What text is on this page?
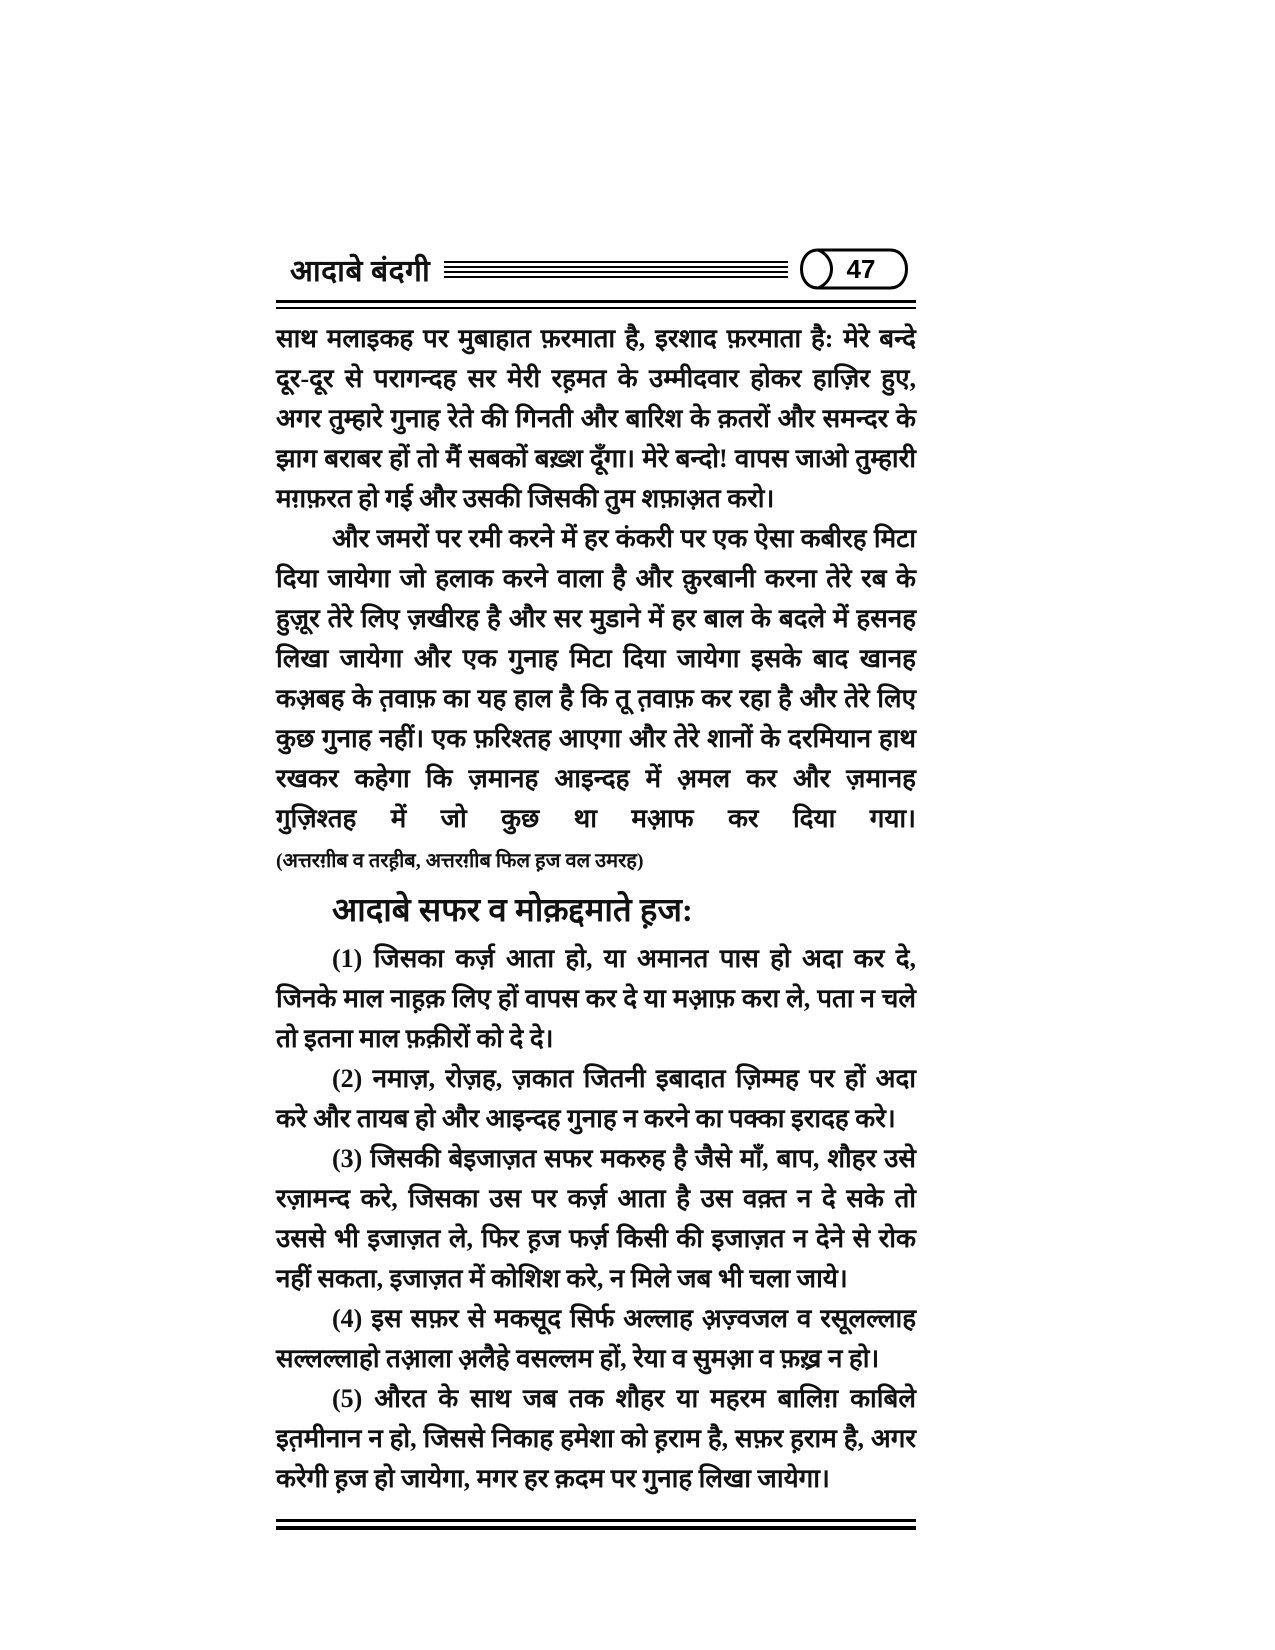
आदाबे बंदगी	47

साथ मलाइकह पर मुबाहात फ़रमाता है, इरशाद फ़रमाता है: मेरे बन्दे दूर-दूर से परागन्दह सर मेरी रह़मत के उम्मीदवार होकर हाज़िर हुए, अगर तुम्हारे गुनाह रेते की गिनती और बारिश के क़तरों और समन्दर के झाग बराबर हों तो मैं सबकों बख़्श दूँगा। मेरे बन्दो! वापस जाओ तुम्हारी मग़फ़रत हो गई और उसकी जिसकी तुम शफ़ाअ़त करो।

और जमरों पर रमी करने में हर कंकरी पर एक ऐसा कबीरह मिटा दिया जायेगा जो हलाक करने वाला है और क़ुरबानी करना तेरे रब के हुज़ूर तेरे लिए ज़खीरह है और सर मुडाने में हर बाल के बदले में हसनह लिखा जायेगा और एक गुनाह मिटा दिया जायेगा इसके बाद खानह कअ़बह के त़वाफ़ का यह हाल है कि तू त़वाफ़ कर रहा है और तेरे लिए कुछ गुनाह नहीं। एक फ़रिश्तह आएगा और तेरे शानों के दरमियान हाथ रखकर कहेगा कि ज़मानह आइन्दह में अ़मल कर और ज़मानह गुज़िश्तह में जो कुछ था मआ़फ कर दिया गया। (अत्तरग़ीब व तरह़ीब, अत्तरग़ीब फिल ह़ज वल उमरह)

आदाबे सफर व मोक़द्दमाते ह़ज:

(1) जिसका कर्ज़ आता हो, या अमानत पास हो अदा कर दे, जिनके माल नाह़क़ लिए हों वापस कर दे या मआ़फ़ करा ले, पता न चले तो इतना माल फ़क़ीरों को दे दे।

(2) नमाज़, रोज़ह, ज़कात जितनी इबादात ज़िम्मह पर हों अदा करे और तायब हो और आइन्दह गुनाह न करने का पक्का इरादह करे।

(3) जिसकी बेइजाज़त सफर मकरुह है जैसे माँ, बाप, शौहर उसे रज़ामन्द करे, जिसका उस पर कर्ज़ आता है उस वक़्त न दे सके तो उससे भी इजाज़त ले, फिर ह़ज फर्ज़ किसी की इजाज़त न देने से रोक नहीं सकता, इजाज़त में कोशिश करे, न मिले जब भी चला जाये।

(4) इस सफ़र से मकसूद सिर्फ अल्लाह अ़ज़्वजल व रसूलल्लाह सल्लल्लाहो तआ़ला अ़लैहे वसल्लम हों, रेया व सुमआ़ व फ़ख़्र न हो।

(5) औरत के साथ जब तक शौहर या महरम बालिग़ काबिले इत़मीनान न हो, जिससे निकाह हमेशा को ह़राम है, सफ़र ह़राम है, अगर करेगी ह़ज हो जायेगा, मगर हर क़दम पर गुनाह लिखा जायेगा।
